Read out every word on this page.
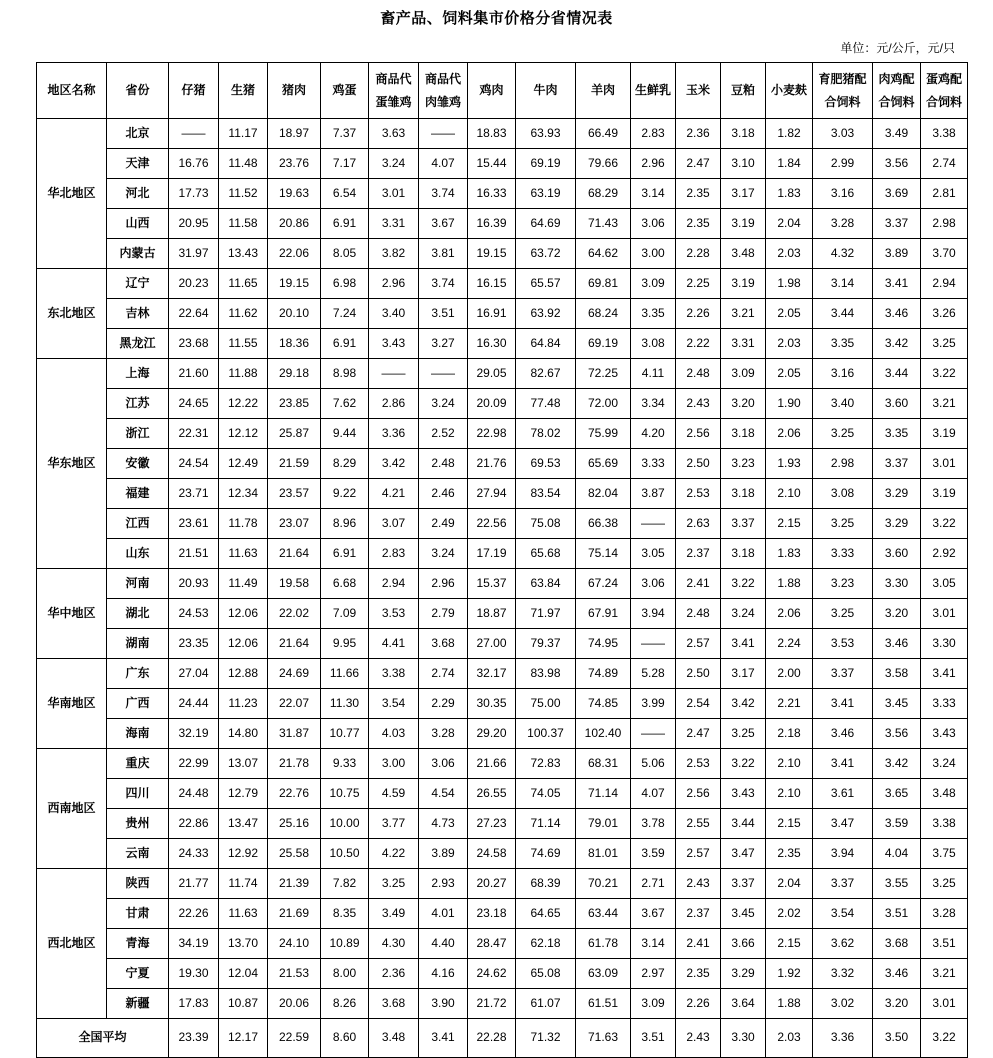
畜产品、饲料集市价格分省情况表
单位：元/公斤，元/只
地区名称	省份	仔猪	生猪	猪肉	鸡蛋	商品代蛋雏鸡	商品代肉雏鸡	鸡肉	牛肉	羊肉	生鲜乳	玉米	豆粕	小麦麸	育肥猪配合饲料	肉鸡配合饲料	蛋鸡配合饲料
华北地区	北京	——	11.17	18.97	7.37	3.63	——	18.83	63.93	66.49	2.83	2.36	3.18	1.82	3.03	3.49	3.38
	天津	16.76	11.48	23.76	7.17	3.24	4.07	15.44	69.19	79.66	2.96	2.47	3.10	1.84	2.99	3.56	2.74
	河北	17.73	11.52	19.63	6.54	3.01	3.74	16.33	63.19	68.29	3.14	2.35	3.17	1.83	3.16	3.69	2.81
	山西	20.95	11.58	20.86	6.91	3.31	3.67	16.39	64.69	71.43	3.06	2.35	3.19	2.04	3.28	3.37	2.98
	内蒙古	31.97	13.43	22.06	8.05	3.82	3.81	19.15	63.72	64.62	3.00	2.28	3.48	2.03	4.32	3.89	3.70
东北地区	辽宁	20.23	11.65	19.15	6.98	2.96	3.74	16.15	65.57	69.81	3.09	2.25	3.19	1.98	3.14	3.41	2.94
	吉林	22.64	11.62	20.10	7.24	3.40	3.51	16.91	63.92	68.24	3.35	2.26	3.21	2.05	3.44	3.46	3.26
	黑龙江	23.68	11.55	18.36	6.91	3.43	3.27	16.30	64.84	69.19	3.08	2.22	3.31	2.03	3.35	3.42	3.25
华东地区	上海	21.60	11.88	29.18	8.98	——	——	29.05	82.67	72.25	4.11	2.48	3.09	2.05	3.16	3.44	3.22
	江苏	24.65	12.22	23.85	7.62	2.86	3.24	20.09	77.48	72.00	3.34	2.43	3.20	1.90	3.40	3.60	3.21
	浙江	22.31	12.12	25.87	9.44	3.36	2.52	22.98	78.02	75.99	4.20	2.56	3.18	2.06	3.25	3.35	3.19
	安徽	24.54	12.49	21.59	8.29	3.42	2.48	21.76	69.53	65.69	3.33	2.50	3.23	1.93	2.98	3.37	3.01
	福建	23.71	12.34	23.57	9.22	4.21	2.46	27.94	83.54	82.04	3.87	2.53	3.18	2.10	3.08	3.29	3.19
	江西	23.61	11.78	23.07	8.96	3.07	2.49	22.56	75.08	66.38	——	2.63	3.37	2.15	3.25	3.29	3.22
	山东	21.51	11.63	21.64	6.91	2.83	3.24	17.19	65.68	75.14	3.05	2.37	3.18	1.83	3.33	3.60	2.92
华中地区	河南	20.93	11.49	19.58	6.68	2.94	2.96	15.37	63.84	67.24	3.06	2.41	3.22	1.88	3.23	3.30	3.05
	湖北	24.53	12.06	22.02	7.09	3.53	2.79	18.87	71.97	67.91	3.94	2.48	3.24	2.06	3.25	3.20	3.01
	湖南	23.35	12.06	21.64	9.95	4.41	3.68	27.00	79.37	74.95	——	2.57	3.41	2.24	3.53	3.46	3.30
华南地区	广东	27.04	12.88	24.69	11.66	3.38	2.74	32.17	83.98	74.89	5.28	2.50	3.17	2.00	3.37	3.58	3.41
	广西	24.44	11.23	22.07	11.30	3.54	2.29	30.35	75.00	74.85	3.99	2.54	3.42	2.21	3.41	3.45	3.33
	海南	32.19	14.80	31.87	10.77	4.03	3.28	29.20	100.37	102.40	——	2.47	3.25	2.18	3.46	3.56	3.43
西南地区	重庆	22.99	13.07	21.78	9.33	3.00	3.06	21.66	72.83	68.31	5.06	2.53	3.22	2.10	3.41	3.42	3.24
	四川	24.48	12.79	22.76	10.75	4.59	4.54	26.55	74.05	71.14	4.07	2.56	3.43	2.10	3.61	3.65	3.48
	贵州	22.86	13.47	25.16	10.00	3.77	4.73	27.23	71.14	79.01	3.78	2.55	3.44	2.15	3.47	3.59	3.38
	云南	24.33	12.92	25.58	10.50	4.22	3.89	24.58	74.69	81.01	3.59	2.57	3.47	2.35	3.94	4.04	3.75
西北地区	陕西	21.77	11.74	21.39	7.82	3.25	2.93	20.27	68.39	70.21	2.71	2.43	3.37	2.04	3.37	3.55	3.25
	甘肃	22.26	11.63	21.69	8.35	3.49	4.01	23.18	64.65	63.44	3.67	2.37	3.45	2.02	3.54	3.51	3.28
	青海	34.19	13.70	24.10	10.89	4.30	4.40	28.47	62.18	61.78	3.14	2.41	3.66	2.15	3.62	3.68	3.51
	宁夏	19.30	12.04	21.53	8.00	2.36	4.16	24.62	65.08	63.09	2.97	2.35	3.29	1.92	3.32	3.46	3.21
	新疆	17.83	10.87	20.06	8.26	3.68	3.90	21.72	61.07	61.51	3.09	2.26	3.64	1.88	3.02	3.20	3.01
全国平均		23.39	12.17	22.59	8.60	3.48	3.41	22.28	71.32	71.63	3.51	2.43	3.30	2.03	3.36	3.50	3.22
